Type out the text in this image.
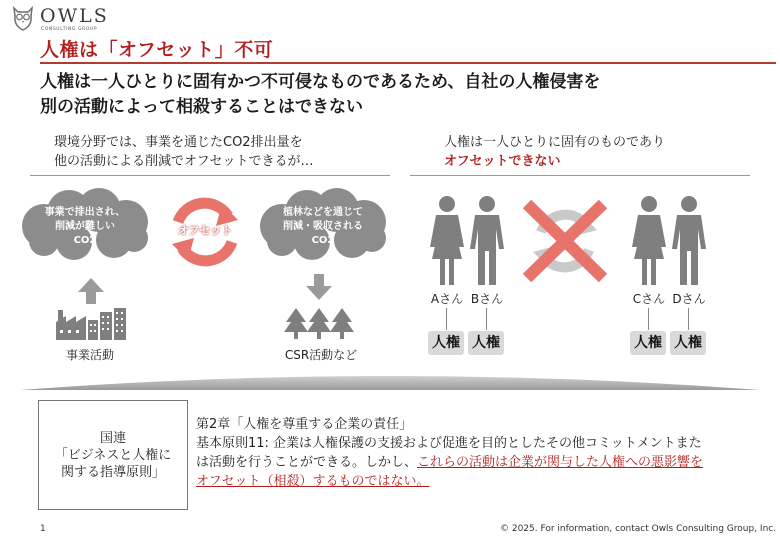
OWLS
CONSULTING GROUP
人権は「オフセット」不可
人権は一人ひとりに固有かつ不可侵なものであるため、自社の人権侵害を
別の活動によって相殺することはできない
環境分野では、事業を通じたCO2排出量を
他の活動による削減でオフセットできるが…
事業で排出され、
削減が難しい
CO2
オフセット
植林などを通じて
削減・吸収される
CO2
事業活動	CSR活動など
人権は一人ひとりに固有のものであり
オフセットできない
Aさん Bさん	Cさん Dさん
人権 人権	人権 人権
国連
「ビジネスと人権に
関する指導原則」
第2章「人権を尊重する企業の責任」
基本原則11: 企業は人権保護の支援および促進を目的としたその他コミットメントまた
は活動を行うことができる。しかし、これらの活動は企業が関与した人権への悪影響を
オフセット（相殺）するものではない。
1	© 2025. For information, contact Owls Consulting Group, Inc.
